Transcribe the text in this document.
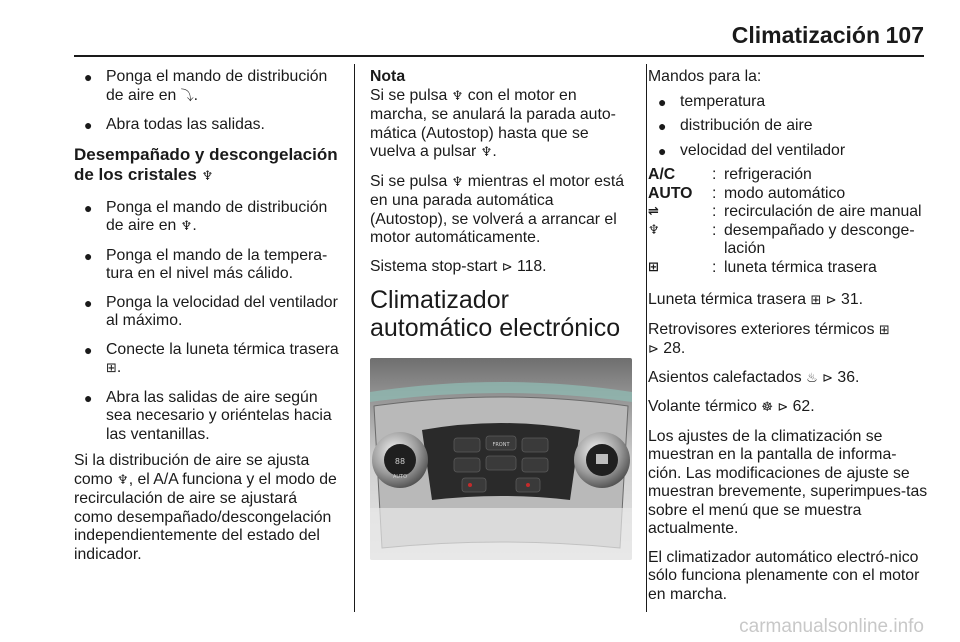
Climatización 107
● Ponga el mando de distribución de aire en ⤵.
● Abra todas las salidas.
Desempañado y descongelación de los cristales ♆
● Ponga el mando de distribución de aire en ♆.
● Ponga el mando de la tempera-tura en el nivel más cálido.
● Ponga la velocidad del ventilador al máximo.
● Conecte la luneta térmica trasera ⊞.
● Abra las salidas de aire según sea necesario y oriéntelas hacia las ventanillas.
Si la distribución de aire se ajusta como ♆, el A/A funciona y el modo de recirculación de aire se ajustará como desempañado/descongelación independientemente del estado del indicador.
Nota
Si se pulsa ♆ con el motor en marcha, se anulará la parada auto-mática (Autostop) hasta que se vuelva a pulsar ♆.
Si se pulsa ♆ mientras el motor está en una parada automática (Autostop), se volverá a arrancar el motor automáticamente.
Sistema stop-start ⊳ 118.
Climatizador automático electrónico
88
AUTO
FRONT
Mandos para la:
● temperatura
● distribución de aire
● velocidad del ventilador
A/C	: refrigeración
AUTO	: modo automático
⇌	: recirculación de aire manual
♆	: desempañado y desconge-lación
⊞	: luneta térmica trasera
Luneta térmica trasera ⊞ ⊳ 31.
Retrovisores exteriores térmicos ⊞
⊳ 28.
Asientos calefactados ♨ ⊳ 36.
Volante térmico ☸ ⊳ 62.
Los ajustes de la climatización se muestran en la pantalla de informa-ción. Las modificaciones de ajuste se muestran brevemente, superimpues-tas sobre el menú que se muestra actualmente.
El climatizador automático electró-nico sólo funciona plenamente con el motor en marcha.
carmanualsonline.info
